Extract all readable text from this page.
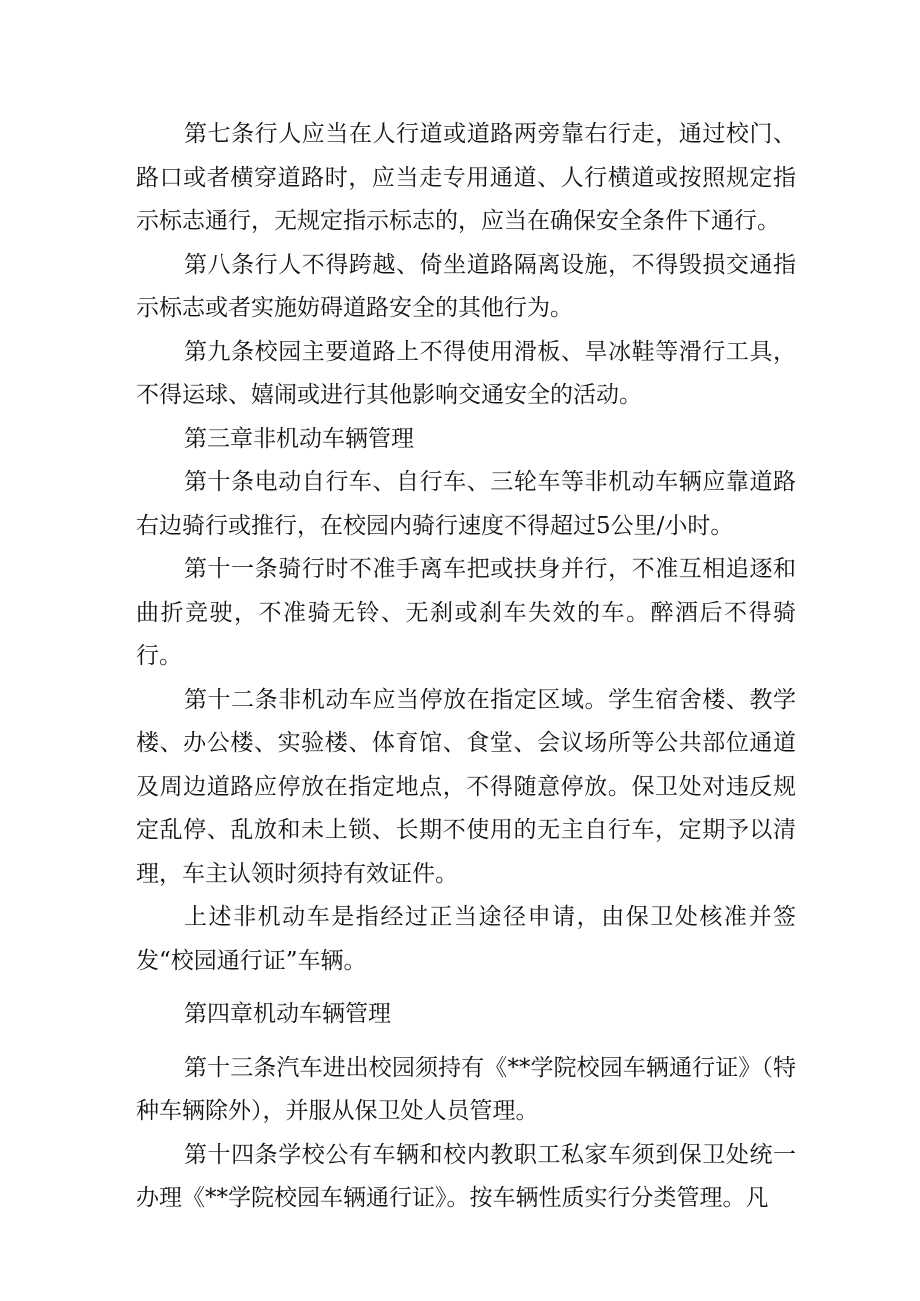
第七条行人应当在人行道或道路两旁靠右行走，通过校门、路口或者横穿道路时，应当走专用通道、人行横道或按照规定指示标志通行，无规定指示标志的，应当在确保安全条件下通行。

第八条行人不得跨越、倚坐道路隔离设施，不得毁损交通指示标志或者实施妨碍道路安全的其他行为。

第九条校园主要道路上不得使用滑板、旱冰鞋等滑行工具，不得运球、嬉闹或进行其他影响交通安全的活动。

第三章非机动车辆管理

第十条电动自行车、自行车、三轮车等非机动车辆应靠道路右边骑行或推行，在校园内骑行速度不得超过5公里/小时。

第十一条骑行时不准手离车把或扶身并行，不准互相追逐和曲折竞驶，不准骑无铃、无刹或刹车失效的车。醉酒后不得骑行。

第十二条非机动车应当停放在指定区域。学生宿舍楼、教学楼、办公楼、实验楼、体育馆、食堂、会议场所等公共部位通道及周边道路应停放在指定地点，不得随意停放。保卫处对违反规定乱停、乱放和未上锁、长期不使用的无主自行车，定期予以清理，车主认领时须持有效证件。

上述非机动车是指经过正当途径申请，由保卫处核准并签发“校园通行证”车辆。

第四章机动车辆管理

第十三条汽车进出校园须持有《**学院校园车辆通行证》（特种车辆除外），并服从保卫处人员管理。

第十四条学校公有车辆和校内教职工私家车须到保卫处统一办理《**学院校园车辆通行证》。按车辆性质实行分类管理。凡
